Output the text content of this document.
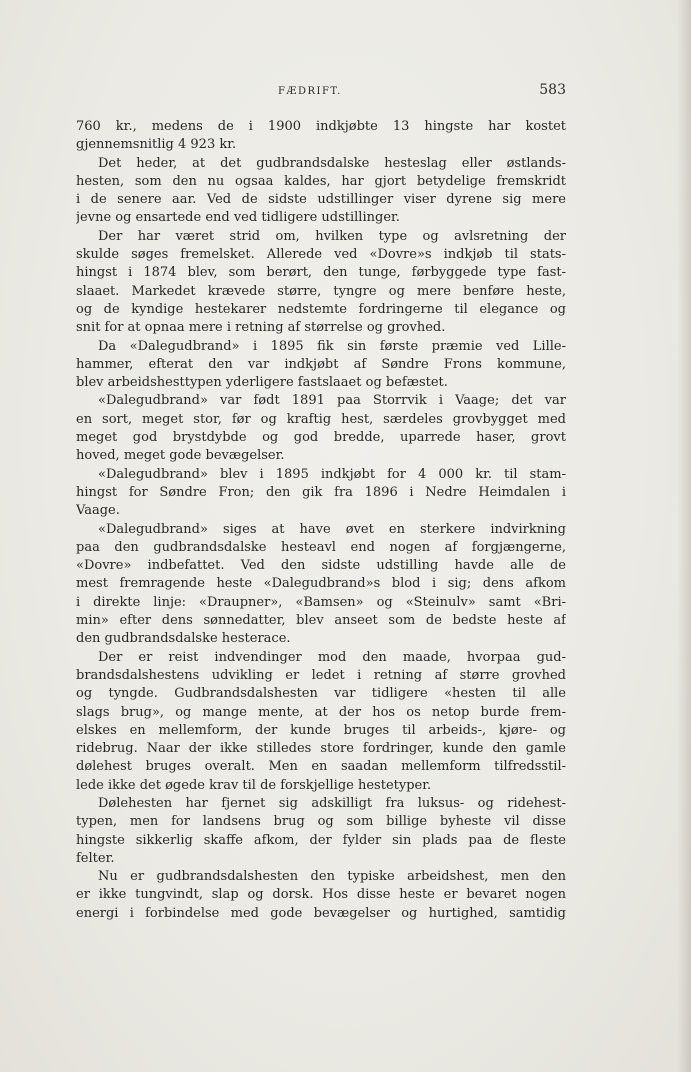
FÆDRIFT.	583
760 kr., medens de i 1900 indkjøbte 13 hingste har kostet
gjennemsnitlig 4 923 kr.
Det heder, at det gudbrandsdalske hesteslag eller østlands-
hesten, som den nu ogsaa kaldes, har gjort betydelige fremskridt
i de senere aar. Ved de sidste udstillinger viser dyrene sig mere
jevne og ensartede end ved tidligere udstillinger.
Der har været strid om, hvilken type og avlsretning der
skulde søges fremelsket. Allerede ved «Dovre»s indkjøb til stats-
hingst i 1874 blev, som berørt, den tunge, førbyggede type fast-
slaaet. Markedet krævede større, tyngre og mere benføre heste,
og de kyndige hestekarer nedstemte fordringerne til elegance og
snit for at opnaa mere i retning af størrelse og grovhed.
Da «Dalegudbrand» i 1895 fik sin første præmie ved Lille-
hammer, efterat den var indkjøbt af Søndre Frons kommune,
blev arbeidshesttypen yderligere fastslaaet og befæstet.
«Dalegudbrand» var født 1891 paa Storrvik i Vaage; det var
en sort, meget stor, før og kraftig hest, særdeles grovbygget med
meget god brystdybde og god bredde, uparrede haser, grovt
hoved, meget gode bevægelser.
«Dalegudbrand» blev i 1895 indkjøbt for 4 000 kr. til stam-
hingst for Søndre Fron; den gik fra 1896 i Nedre Heimdalen i
Vaage.
«Dalegudbrand» siges at have øvet en sterkere indvirkning
paa den gudbrandsdalske hesteavl end nogen af forgjængerne,
«Dovre» indbefattet. Ved den sidste udstilling havde alle de
mest fremragende heste «Dalegudbrand»s blod i sig; dens afkom
i direkte linje: «Draupner», «Bamsen» og «Steinulv» samt «Bri-
min» efter dens sønnedatter, blev anseet som de bedste heste af
den gudbrandsdalske hesterace.
Der er reist indvendinger mod den maade, hvorpaa gud-
brandsdalshestens udvikling er ledet i retning af større grovhed
og tyngde. Gudbrandsdalshesten var tidligere «hesten til alle
slags brug», og mange mente, at der hos os netop burde frem-
elskes en mellemform, der kunde bruges til arbeids-, kjøre- og
ridebrug. Naar der ikke stilledes store fordringer, kunde den gamle
dølehest bruges overalt. Men en saadan mellemform tilfredsstil-
lede ikke det øgede krav til de forskjellige hestetyper.
Dølehesten har fjernet sig adskilligt fra luksus- og ridehest-
typen, men for landsens brug og som billige byheste vil disse
hingste sikkerlig skaffe afkom, der fylder sin plads paa de fleste
felter.
Nu er gudbrandsdalshesten den typiske arbeidshest, men den
er ikke tungvindt, slap og dorsk. Hos disse heste er bevaret nogen
energi i forbindelse med gode bevægelser og hurtighed, samtidig
